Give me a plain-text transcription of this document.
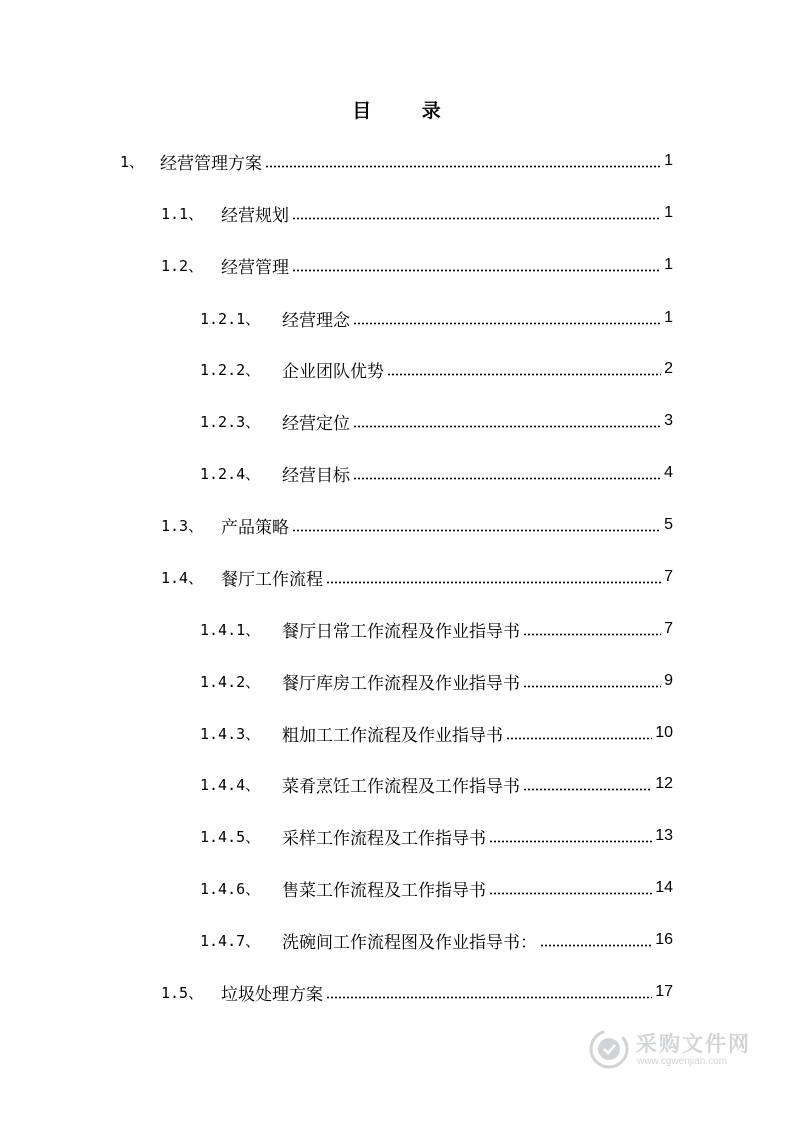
目 录
1、 经营管理方案	1
1.1、	经营规划	1
1.2、	经营管理	1
1.2.1、	经营理念	1
1.2.2、	企业团队优势	2
1.2.3、	经营定位	3
1.2.4、	经营目标	4
1.3、	产品策略	5
1.4、	餐厅工作流程	7
1.4.1、	餐厅日常工作流程及作业指导书	7
1.4.2、	餐厅库房工作流程及作业指导书	9
1.4.3、	粗加工工作流程及作业指导书	10
1.4.4、	菜肴烹饪工作流程及工作指导书	12
1.4.5、	采样工作流程及工作指导书	13
1.4.6、	售菜工作流程及工作指导书	14
1.4.7、	洗碗间工作流程图及作业指导书：	16
1.5、	垃圾处理方案	17
采购文件网
www.cgwenjian.com
